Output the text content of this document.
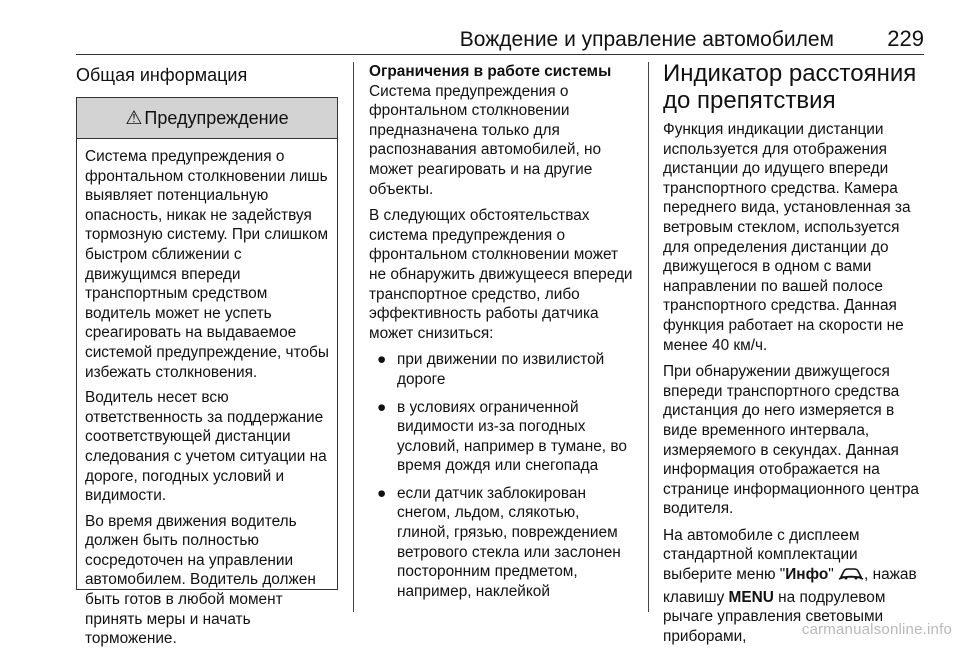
Вождение и управление автомобилем 229
Общая информация
⚠ Предупреждение

Система предупреждения о фронтальном столкновении лишь выявляет потенциальную опасность, никак не задействуя тормозную систему. При слишком быстром сближении с движущимся впереди транспортным средством водитель может не успеть среагировать на выдаваемое системой предупреждение, чтобы избежать столкновения.

Водитель несет всю ответственность за поддержание соответствующей дистанции следования с учетом ситуации на дороге, погодных условий и видимости.

Во время движения водитель должен быть полностью сосредоточен на управлении автомобилем. Водитель должен быть готов в любой момент принять меры и начать торможение.

Ограничения в работе системы

Система предупреждения о фронтальном столкновении предназначена только для распознавания автомобилей, но может реагировать и на другие объекты.

В следующих обстоятельствах система предупреждения о фронтальном столкновении может не обнаружить движущееся впереди транспортное средство, либо эффективность работы датчика может снизиться:

● при движении по извилистой дороге
● в условиях ограниченной видимости из-за погодных условий, например в тумане, во время дождя или снегопада
● если датчик заблокирован снегом, льдом, слякотью, глиной, грязью, повреждением ветрового стекла или заслонен посторонним предметом, например, наклейкой
Индикатор расстояния до препятствия

Функция индикации дистанции используется для отображения дистанции до идущего впереди транспортного средства. Камера переднего вида, установленная за ветровым стеклом, используется для определения дистанции до движущегося в одном с вами направлении по вашей полосе транспортного средства. Данная функция работает на скорости не менее 40 км/ч.

При обнаружении движущегося впереди транспортного средства дистанция до него измеряется в виде временного интервала, измеряемого в секундах. Данная информация отображается на странице информационного центра водителя.

На автомобиле с дисплеем стандартной комплектации выберите меню "Инфо" , нажав клавишу MENU на подрулевом рычаге управления световыми приборами,	carmanualsonline.info
